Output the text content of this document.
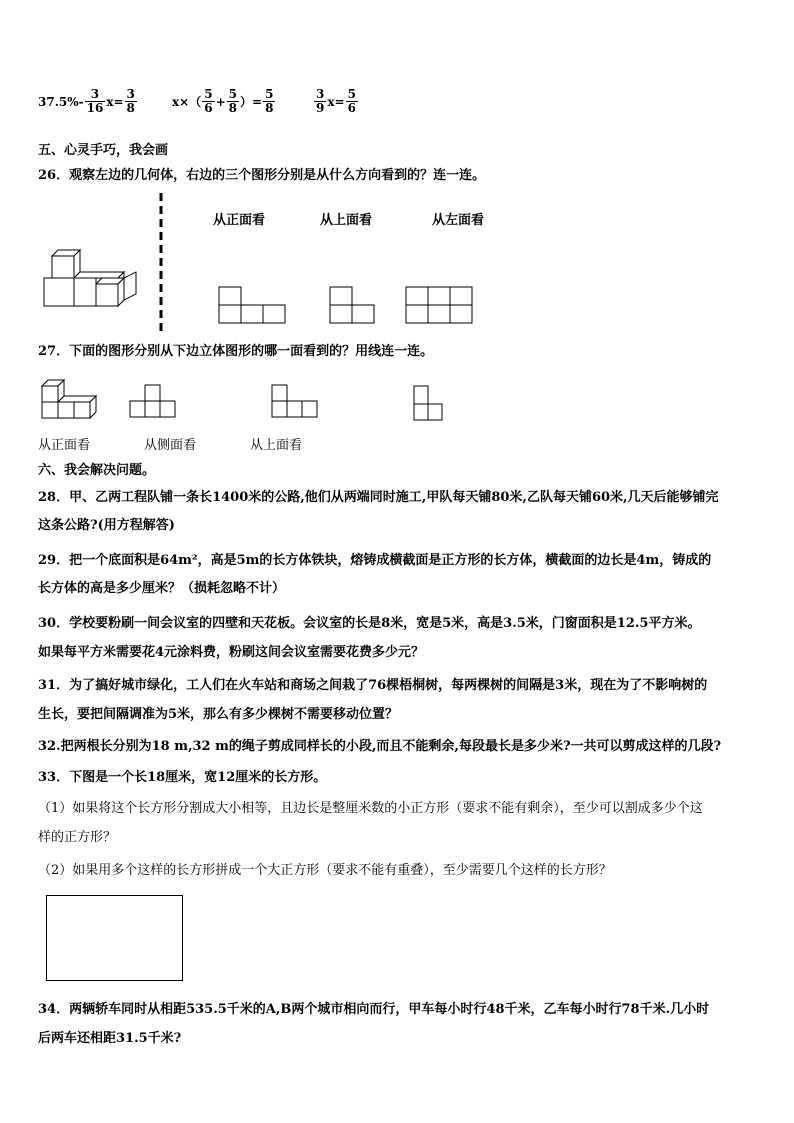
$37.5\%- \frac{3}{16} x= \frac{3}{8}$	$x\times( \frac{5}{6} + \frac{5}{8}$ ）= $\frac{5}{8}$	$\frac{3}{9} x= \frac{5}{6}$
五、心灵手巧，我会画
26．观察左边的几何体，右边的三个图形分别是从什么方向看到的？连一连。
从正面看	从上面看	从左面看
27．下面的图形分别从下边立体图形的哪一面看到的？用线连一连。
从正面看	从侧面看	从上面看
六、我会解决问题。
28．甲、乙两工程队铺一条长1400米的公路,他们从两端同时施工,甲队每天铺80米,乙队每天铺60米,几天后能够铺完
这条公路?(用方程解答)
29．把一个底面积是64m²，高是5m的长方体铁块，熔铸成横截面是正方形的长方体，横截面的边长是4m，铸成的
长方体的高是多少厘米？（损耗忽略不计）
30．学校要粉刷一间会议室的四壁和天花板。会议室的长是8米，宽是5米，高是3.5米，门窗面积是12.5平方米。
如果每平方米需要花4元涂料费，粉刷这间会议室需要花费多少元？
31．为了搞好城市绿化，工人们在火车站和商场之间栽了76棵梧桐树，每两棵树的间隔是3米，现在为了不影响树的
生长，要把间隔调准为5米，那么有多少棵树不需要移动位置？
32.把两根长分别为18 m,32 m的绳子剪成同样长的小段,而且不能剩余,每段最长是多少米?一共可以剪成这样的几段?
33．下图是一个长18厘米，宽12厘米的长方形。
（1）如果将这个长方形分割成大小相等，且边长是整厘米数的小正方形（要求不能有剩余），至少可以割成多少个这
样的正方形？
（2）如果用多个这样的长方形拼成一个大正方形（要求不能有重叠），至少需要几个这样的长方形？
34．两辆轿车同时从相距535.5千米的A,B两个城市相向而行，甲车每小时行48千米，乙车每小时行78千米.几小时
后两车还相距31.5千米?
